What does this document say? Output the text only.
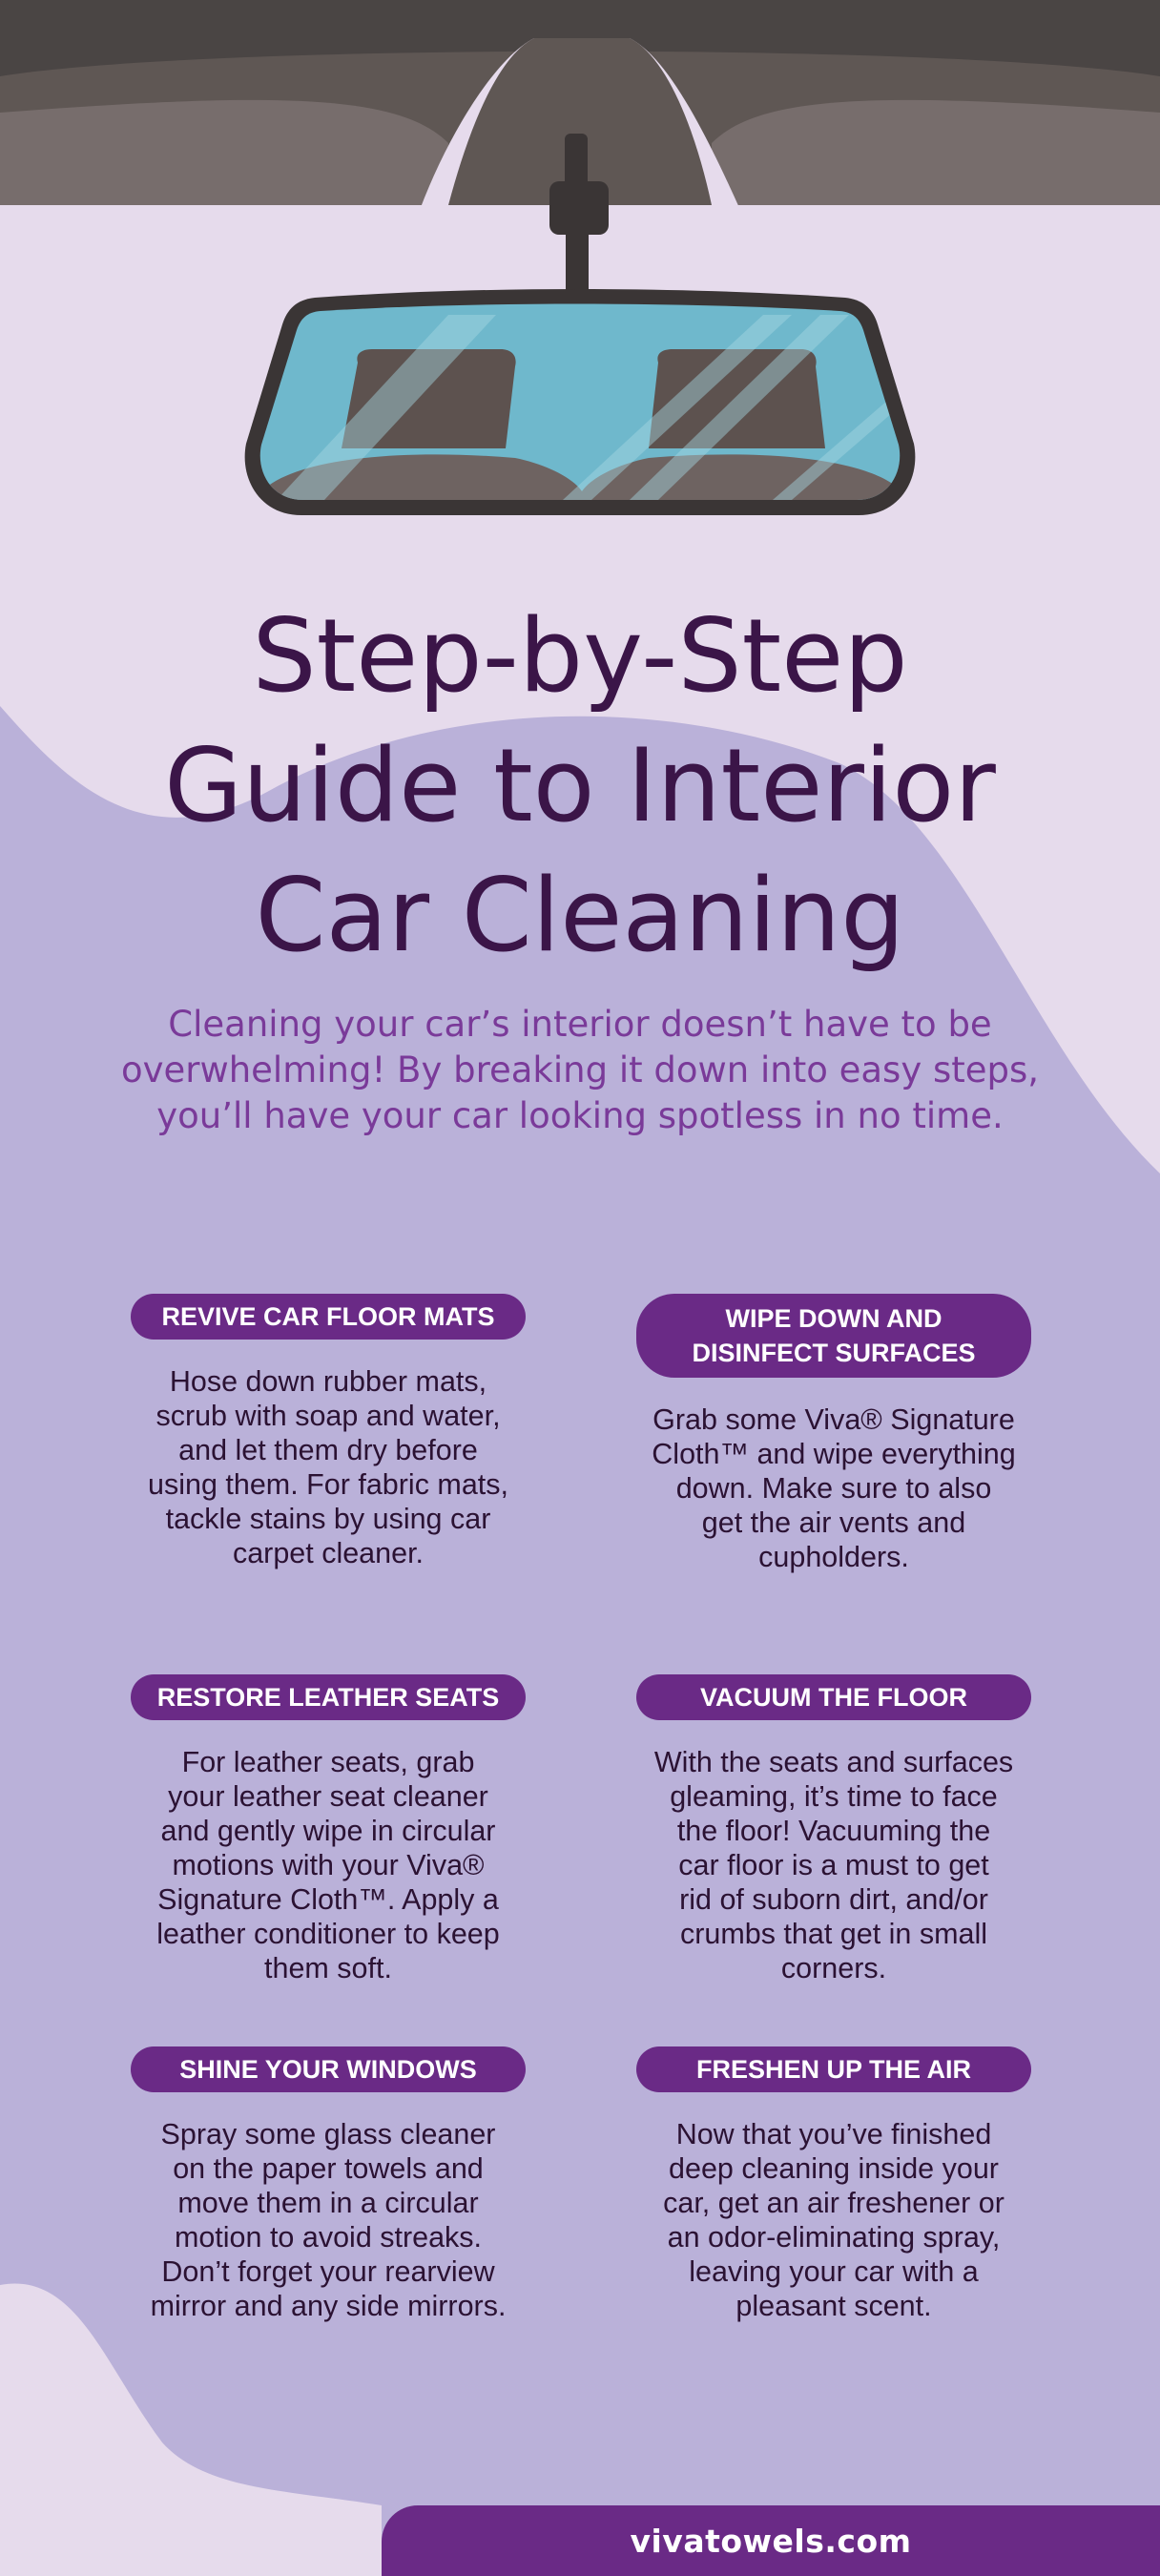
Step-by-Step
Guide to Interior
Car Cleaning

Cleaning your car’s interior doesn’t have to be
overwhelming! By breaking it down into easy steps,
you’ll have your car looking spotless in no time.

REVIVE CAR FLOOR MATS
Hose down rubber mats,
scrub with soap and water,
and let them dry before
using them. For fabric mats,
tackle stains by using car
carpet cleaner.
WIPE DOWN AND
DISINFECT SURFACES
Grab some Viva® Signature
Cloth™ and wipe everything
down. Make sure to also
get the air vents and
cupholders.
RESTORE LEATHER SEATS
For leather seats, grab
your leather seat cleaner
and gently wipe in circular
motions with your Viva®
Signature Cloth™. Apply a
leather conditioner to keep
them soft.
VACUUM THE FLOOR
With the seats and surfaces
gleaming, it’s time to face
the floor! Vacuuming the
car floor is a must to get
rid of suborn dirt, and/or
crumbs that get in small
corners.
SHINE YOUR WINDOWS
Spray some glass cleaner
on the paper towels and
move them in a circular
motion to avoid streaks.
Don’t forget your rearview
mirror and any side mirrors.
FRESHEN UP THE AIR
Now that you’ve finished
deep cleaning inside your
car, get an air freshener or
an odor-eliminating spray,
leaving your car with a
pleasant scent.
vivatowels.com
